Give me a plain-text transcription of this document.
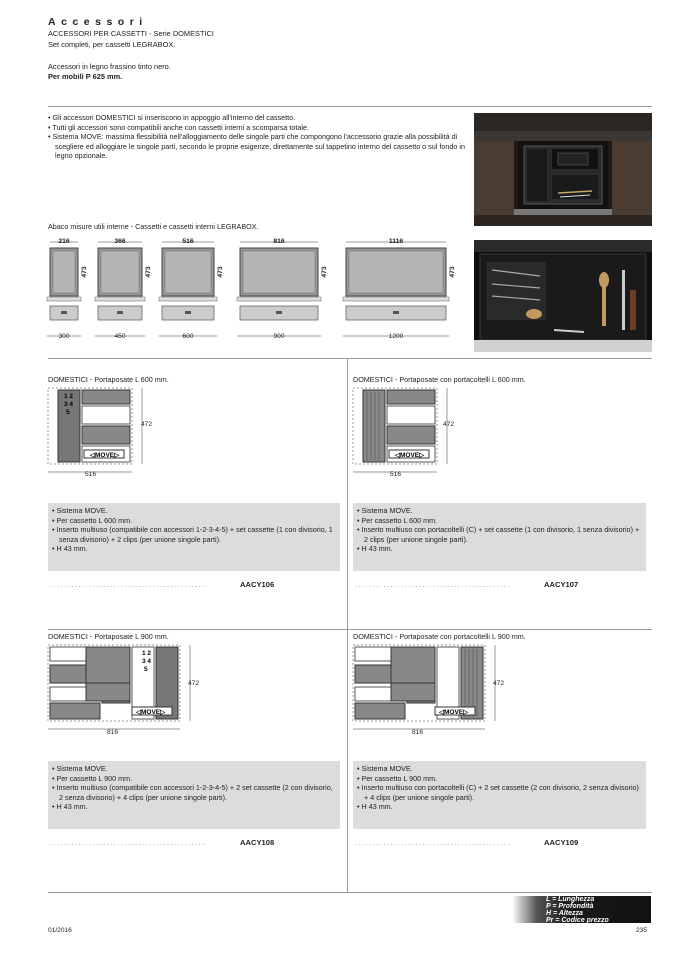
Accessori
ACCESSORI PER CASSETTI - Serie DOMESTICI
Set completi, per cassetti LEGRABOX.
Accessori in legno frassino tinto nero.
Per mobili P 625 mm.
• Gli accessori DOMESTICI si inseriscono in appoggio all'interno del cassetto.
• Tutti gli accessori sono compatibili anche con cassetti interni a scomparsa totale.
• Sistema MOVE: massima flessibilità nell'alloggiamento delle singole parti che compongono l'accessorio grazie alla possibilità di scegliere ed alloggiare le singole parti, secondo le proprie esigenze, direttamente sul tappetino interno del cassetto o sul fondo in legno opzionale.
Abaco misure utili interne - Cassetti e cassetti interni LEGRABOX.
216
473
300
366
473
450
516
473
600
816
473
900
1116
473
1200
DOMESTICI - Portaposate L 600 mm.
1 2
3 4
5
◁MOVE▷
516
472
• Sistema MOVE.
• Per cassetto L 600 mm.
• Inserto multiuso (compatibile con accessori 1-2-3-4-5) + set cassette (1 con divisorio, 1 senza divisorio) + 2 clips (per unione singole parti).
• H 43 mm.
............................................	AACY106
DOMESTICI - Portaposate con portacoltelli L 600 mm.
◁MOVE▷
516
472
• Sistema MOVE.
• Per cassetto L 600 mm.
• Inserto multiuso con portacoltelli (C) + set cassette (1 con divisorio, 1 senza divisorio) + 2 clips (per unione singole parti).
• H 43 mm.
............................................	AACY107
DOMESTICI - Portaposate L 900 mm.
1 2
3 4
5
◁MOVE▷
816
472
• Sistema MOVE.
• Per cassetto L 900 mm.
• Inserto multiuso (compatibile con accessori 1-2-3-4-5) + 2 set cassette (2 con divisorio, 2 senza divisorio) + 4 clips (per unione singole parti).
• H 43 mm.
............................................	AACY108
DOMESTICI - Portaposate con portacoltelli L 900 mm.
◁MOVE▷
816
472
• Sistema MOVE.
• Per cassetto L 900 mm.
• Inserto multiuso con portacoltelli (C) + 2 set cassette (2 con divisorio, 2 senza divisorio) + 4 clips (per unione singole parti).
• H 43 mm.
............................................	AACY109
L = Lunghezza
P = Profondità
H = Altezza
Pr = Codice prezzo
01/2016	235
